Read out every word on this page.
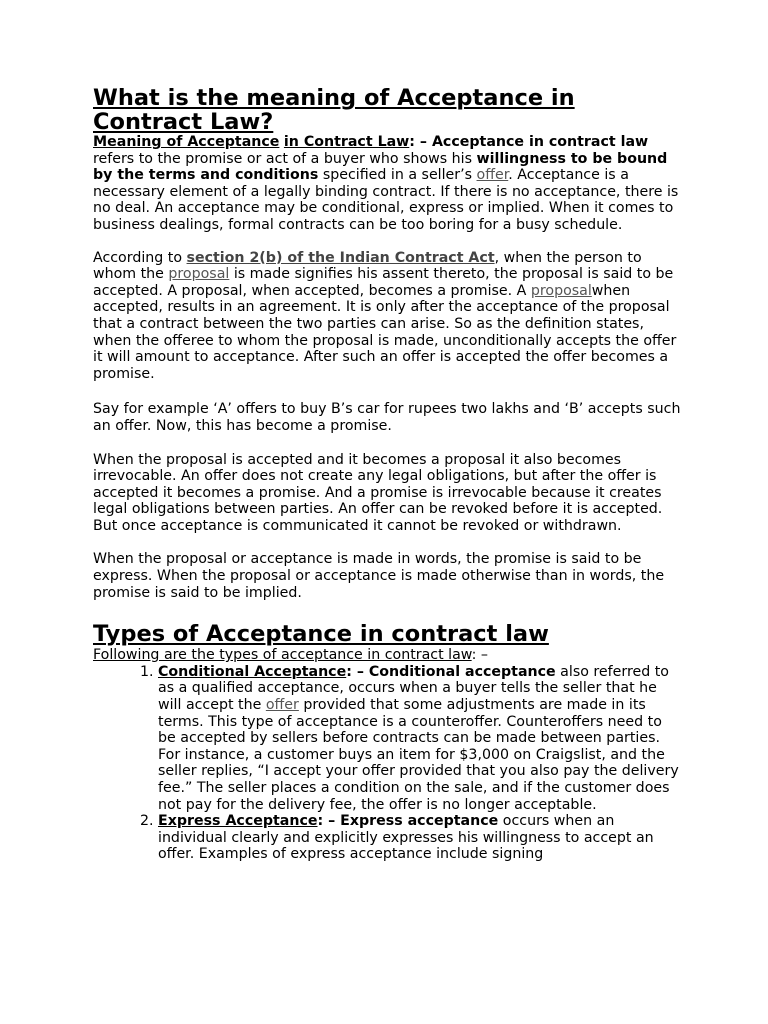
What is the meaning of Acceptance in Contract Law?

Meaning of Acceptance in Contract Law: – Acceptance in contract law refers to the promise or act of a buyer who shows his willingness to be bound by the terms and conditions specified in a seller’s offer. Acceptance is a necessary element of a legally binding contract. If there is no acceptance, there is no deal. An acceptance may be conditional, express or implied. When it comes to business dealings, formal contracts can be too boring for a busy schedule.

According to section 2(b) of the Indian Contract Act, when the person to whom the proposal is made signifies his assent thereto, the proposal is said to be accepted. A proposal, when accepted, becomes a promise. A proposalwhen accepted, results in an agreement. It is only after the acceptance of the proposal that a contract between the two parties can arise. So as the definition states, when the offeree to whom the proposal is made, unconditionally accepts the offer it will amount to acceptance. After such an offer is accepted the offer becomes a promise.

Say for example ‘A’ offers to buy B’s car for rupees two lakhs and ‘B’ accepts such an offer. Now, this has become a promise.

When the proposal is accepted and it becomes a proposal it also becomes irrevocable. An offer does not create any legal obligations, but after the offer is accepted it becomes a promise. And a promise is irrevocable because it creates legal obligations between parties. An offer can be revoked before it is accepted. But once acceptance is communicated it cannot be revoked or withdrawn.

When the proposal or acceptance is made in words, the promise is said to be express. When the proposal or acceptance is made otherwise than in words, the promise is said to be implied.

Types of Acceptance in contract law

Following are the types of acceptance in contract law: –

1. Conditional Acceptance: – Conditional acceptance also referred to as a qualified acceptance, occurs when a buyer tells the seller that he will accept the offer provided that some adjustments are made in its terms. This type of acceptance is a counteroffer. Counteroffers need to be accepted by sellers before contracts can be made between parties. For instance, a customer buys an item for $3,000 on Craigslist, and the seller replies, “I accept your offer provided that you also pay the delivery fee.” The seller places a condition on the sale, and if the customer does not pay for the delivery fee, the offer is no longer acceptable.
2. Express Acceptance: – Express acceptance occurs when an individual clearly and explicitly expresses his willingness to accept an offer. Examples of express acceptance include signing
